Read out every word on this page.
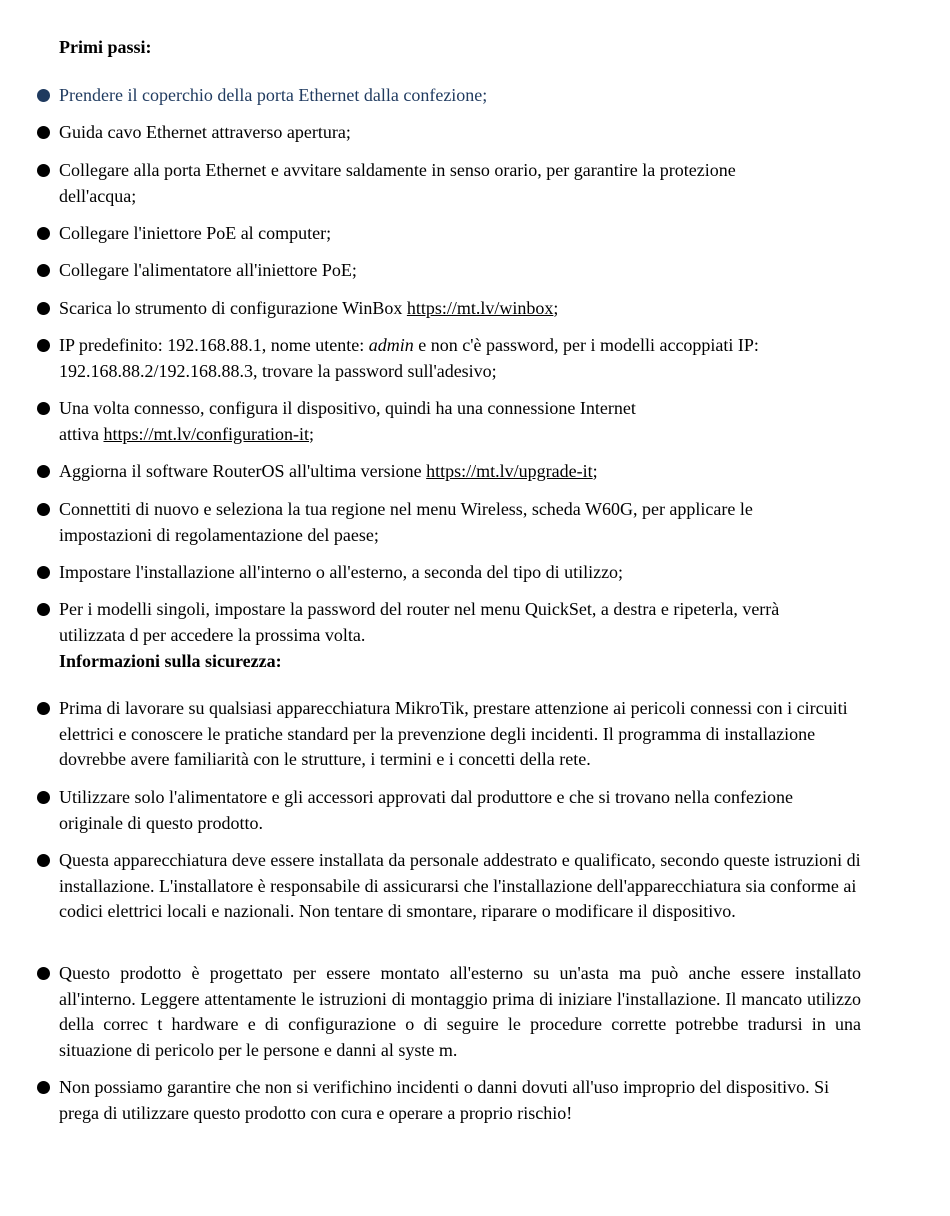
Primi passi:
Prendere il coperchio della porta Ethernet dalla confezione;
Guida cavo Ethernet attraverso apertura;
Collegare alla porta Ethernet e avvitare saldamente in senso orario, per garantire la protezione dell'acqua;
Collegare l'iniettore PoE al computer;
Collegare l'alimentatore all'iniettore PoE;
Scarica lo strumento di configurazione WinBox https://mt.lv/winbox;
IP predefinito: 192.168.88.1, nome utente: admin e non c'è password, per i modelli accoppiati IP: 192.168.88.2/192.168.88.3, trovare la password sull'adesivo;
Una volta connesso, configura il dispositivo, quindi ha una connessione Internet
attiva https://mt.lv/configuration-it;
Aggiorna il software RouterOS all'ultima versione https://mt.lv/upgrade-it;
Connettiti di nuovo e seleziona la tua regione nel menu Wireless, scheda W60G, per applicare le impostazioni di regolamentazione del paese;
Impostare l'installazione all'interno o all'esterno, a seconda del tipo di utilizzo;
Per i modelli singoli, impostare la password del router nel menu QuickSet, a destra e ripeterla, verrà utilizzata d per accedere la prossima volta.
Informazioni sulla sicurezza:
Prima di lavorare su qualsiasi apparecchiatura MikroTik, prestare attenzione ai pericoli connessi con i circuiti elettrici e conoscere le pratiche standard per la prevenzione degli incidenti. Il programma di installazione dovrebbe avere familiarità con le strutture, i termini e i concetti della rete.
Utilizzare solo l'alimentatore e gli accessori approvati dal produttore e che si trovano nella confezione originale di questo prodotto.
Questa apparecchiatura deve essere installata da personale addestrato e qualificato, secondo queste istruzioni di installazione. L'installatore è responsabile di assicurarsi che l'installazione dell'apparecchiatura sia conforme ai codici elettrici locali e nazionali. Non tentare di smontare, riparare o modificare il dispositivo.
Questo prodotto è progettato per essere montato all'esterno su un'asta ma può anche essere installato all'interno. Leggere attentamente le istruzioni di montaggio prima di iniziare l'installazione. Il mancato utilizzo della correc t hardware e di configurazione o di seguire le procedure corrette potrebbe tradursi in una situazione di pericolo per le persone e danni al syste m.
Non possiamo garantire che non si verifichino incidenti o danni dovuti all'uso improprio del dispositivo. Si prega di utilizzare questo prodotto con cura e operare a proprio rischio!
